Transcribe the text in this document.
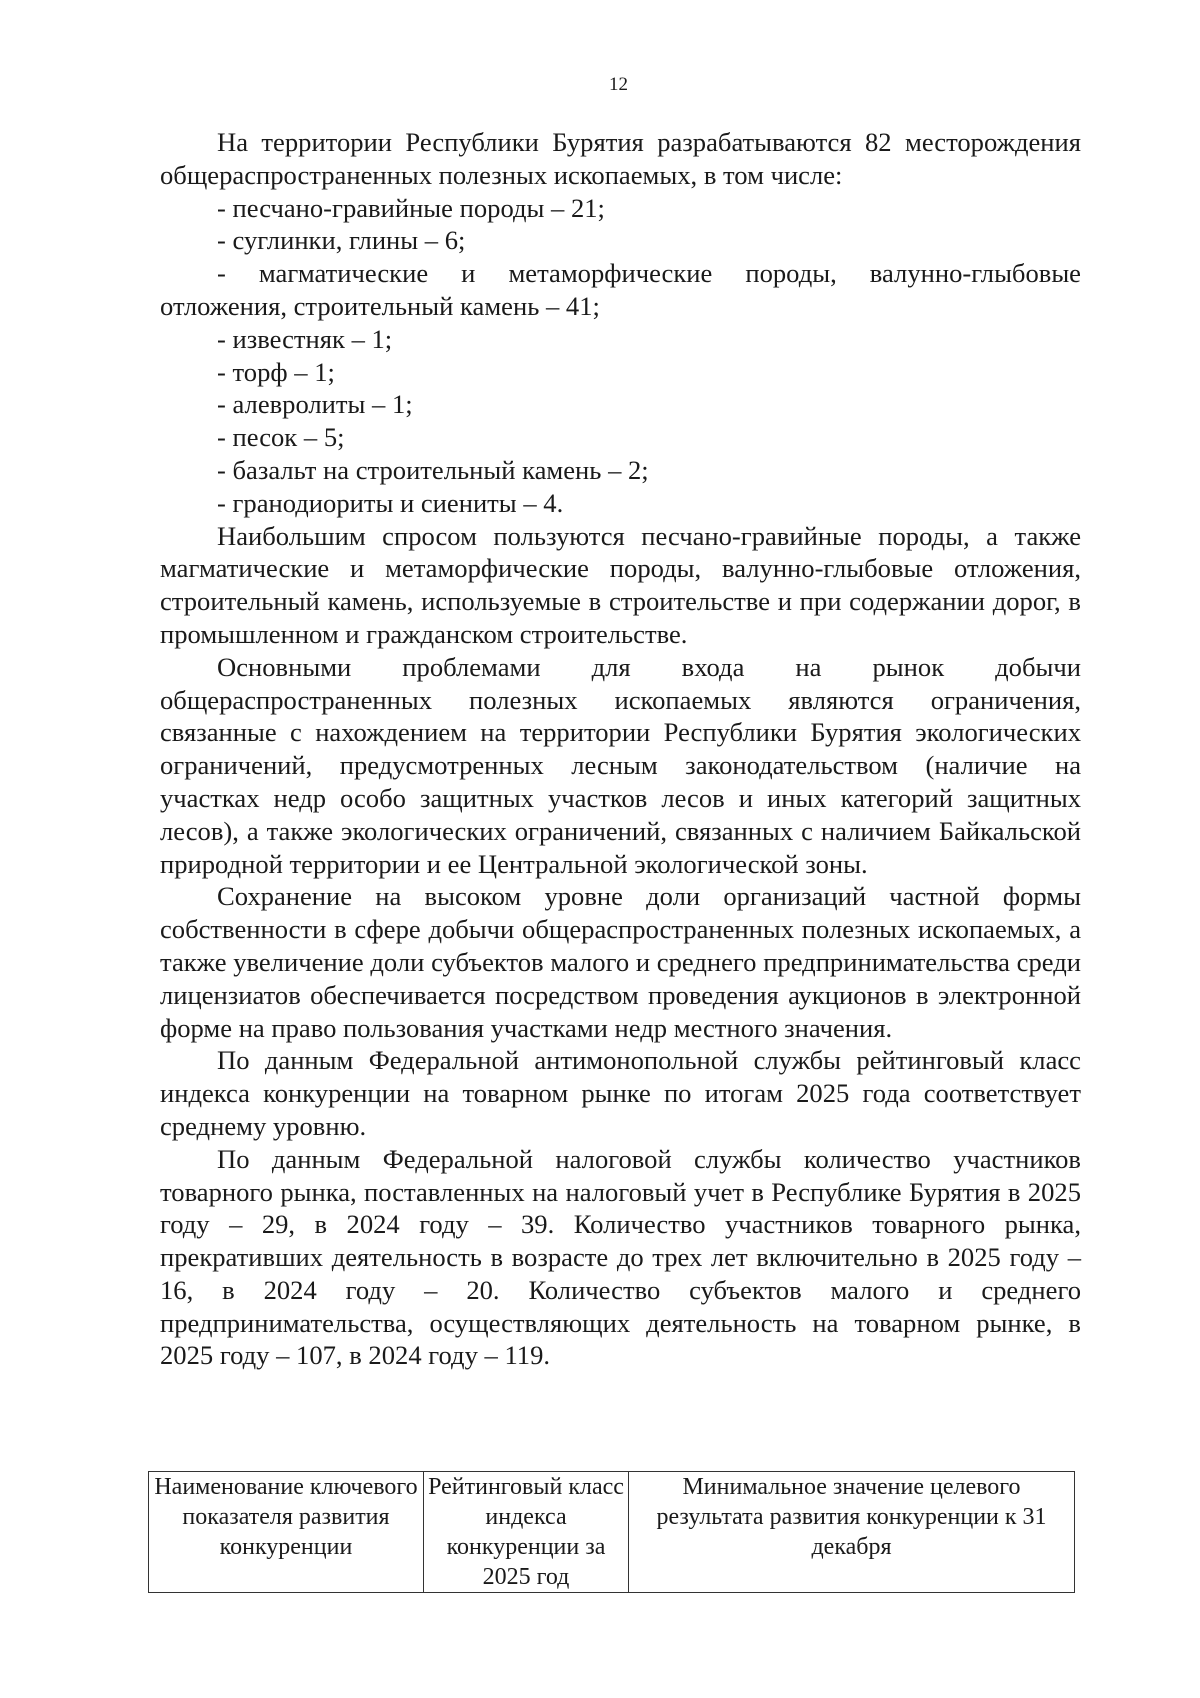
12

На территории Республики Бурятия разрабатываются 82 месторождения общераспространенных полезных ископаемых, в том числе:

- песчано-гравийные породы – 21;

- суглинки, глины – 6;

- магматические и метаморфические породы, валунно-глыбовые отложения, строительный камень – 41;

- известняк – 1;

- торф – 1;

- алевролиты – 1;

- песок – 5;

- базальт на строительный камень – 2;

- гранодиориты и сиениты – 4.

Наибольшим спросом пользуются песчано-гравийные породы, а также магматические и метаморфические породы, валунно-глыбовые отложения, строительный камень, используемые в строительстве и при содержании дорог, в промышленном и гражданском строительстве.

Основными проблемами для входа на рынок добычи общераспространенных полезных ископаемых являются ограничения, связанные с нахождением на территории Республики Бурятия экологических ограничений, предусмотренных лесным законодательством (наличие на участках недр особо защитных участков лесов и иных категорий защитных лесов), а также экологических ограничений, связанных с наличием Байкальской природной территории и ее Центральной экологической зоны.

Сохранение на высоком уровне доли организаций частной формы собственности в сфере добычи общераспространенных полезных ископаемых, а также увеличение доли субъектов малого и среднего предпринимательства среди лицензиатов обеспечивается посредством проведения аукционов в электронной форме на право пользования участками недр местного значения.

По данным Федеральной антимонопольной службы рейтинговый класс индекса конкуренции на товарном рынке по итогам 2025 года соответствует среднему уровню.

По данным Федеральной налоговой службы количество участников товарного рынка, поставленных на налоговый учет в Республике Бурятия в 2025 году – 29, в 2024 году – 39. Количество участников товарного рынка, прекративших деятельность в возрасте до трех лет включительно в 2025 году – 16, в 2024 году – 20. Количество субъектов малого и среднего предпринимательства, осуществляющих деятельность на товарном рынке, в 2025 году – 107, в 2024 году – 119.

Наименование ключевого показателя развития конкуренции	Рейтинговый класс индекса конкуренции за 2025 год	Минимальное значение целевого результата развития конкуренции к 31 декабря
